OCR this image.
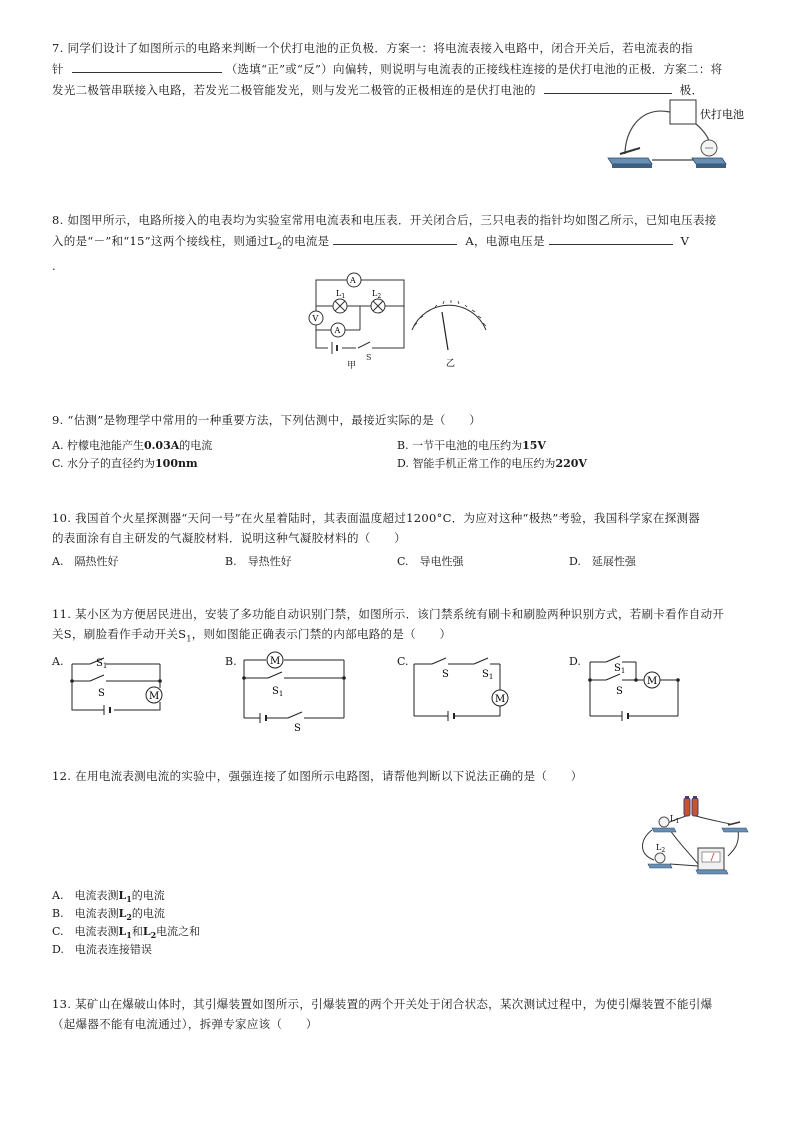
7. 同学们设计了如图所示的电路来判断一个伏打电池的正负极．方案一：将电流表接入电路中，闭合开关后，若电流表的指
针	（选填“正”或“反”）向偏转，则说明与电流表的正接线柱连接的是伏打电池的正极．方案二：将
发光二极管串联接入电路，若发光二极管能发光，则与发光二极管的正极相连的是伏打电池的	极．
伏打电池
8. 如图甲所示，电路所接入的电表均为实验室常用电流表和电压表．开关闭合后，三只电表的指针均如图乙所示，已知电压表接
入的是“－”和“15”这两个接线柱，则通过$L_2$的电流是	A，电源电压是	V
.
A
$L_1$	$L_2$
V
A
S
甲	乙
9. “估测”是物理学中常用的一种重要方法，下列估测中，最接近实际的是（　　）
A. 柠檬电池能产生0.03A的电流	B. 一节干电池的电压约为15V
C. 水分子的直径约为100nm	D. 智能手机正常工作的电压约为220V
10. 我国首个火星探测器“天问一号”在火星着陆时，其表面温度超过1200°C．为应对这种“极热”考验，我国科学家在探测器
的表面涂有自主研发的气凝胶材料．说明这种气凝胶材料的（　　）
A.　隔热性好	B.　导热性好	C.　导电性强	D.　延展性强
11. 某小区为方便居民进出，安装了多功能自动识别门禁，如图所示．该门禁系统有刷卡和刷脸两种识别方式，若刷卡看作自动开
关S，刷脸看作手动开关$S_1$，则如图能正确表示门禁的内部电路的是（　　）
A.
M
$S_1$
S
B.	M
$S_1$
S
C.
M
S	$S_1$
D.
M
$S_1$
S
12. 在用电流表测电流的实验中，强强连接了如图所示电路图，请帮他判断以下说法正确的是（　　）
$L_1$
$L_2$
A.　电流表测$L_1$的电流
B.　电流表测$L_2$的电流
C.　电流表测$L_1$和$L_2$电流之和
D.　电流表连接错误
13. 某矿山在爆破山体时，其引爆装置如图所示，引爆装置的两个开关处于闭合状态，某次测试过程中，为使引爆装置不能引爆
（起爆器不能有电流通过），拆弹专家应该（　　）
